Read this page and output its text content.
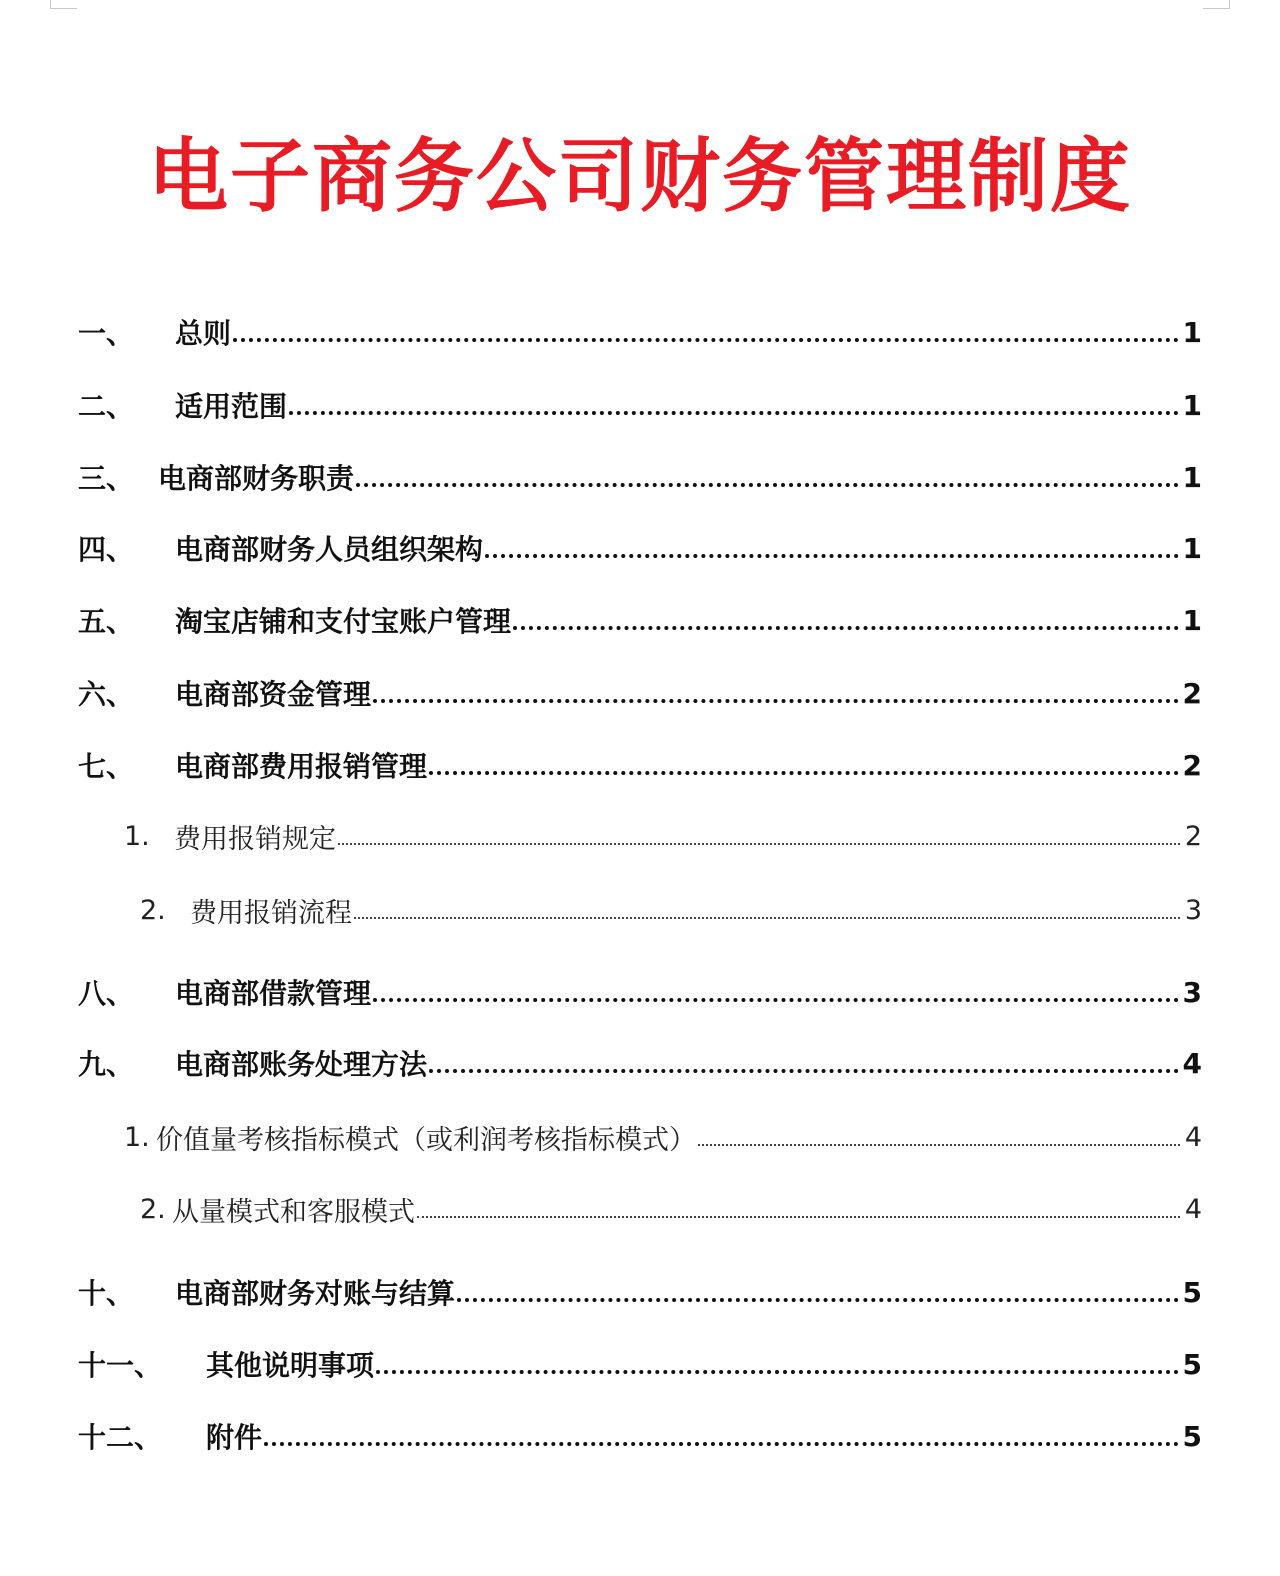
电子商务公司财务管理制度
一、	总则	1
二、	适用范围	1
三、 电商部财务职责	1
四、	电商部财务人员组织架构	1
五、	淘宝店铺和支付宝账户管理	1
六、	电商部资金管理	2
七、	电商部费用报销管理	2
1. 费用报销规定	2
2. 费用报销流程	3
八、	电商部借款管理	3
九、	电商部账务处理方法	4
1. 价值量考核指标模式（或利润考核指标模式）	4
2. 从量模式和客服模式	4
十、	电商部财务对账与结算	5
十一、	其他说明事项	5
十二、	附件	5
